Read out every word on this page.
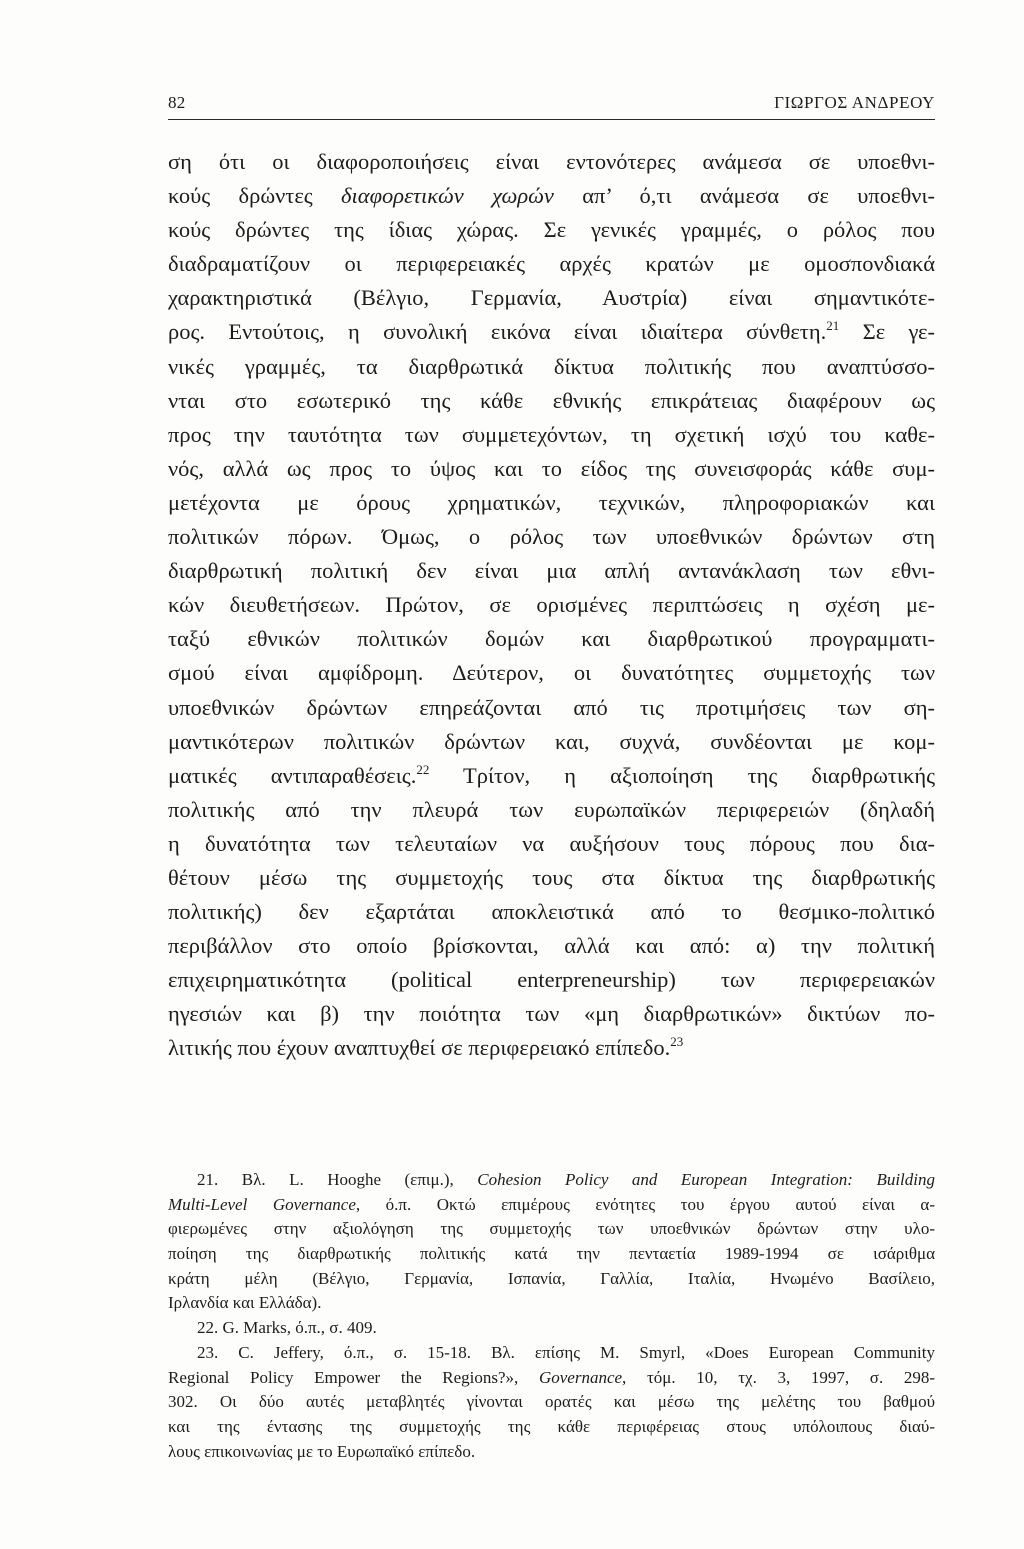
82	ΓΙΩΡΓΟΣ ΑΝΔΡΕΟΥ
ση ότι οι διαφοροποιήσεις είναι εντονότερες ανάμεσα σε υποεθνι-
κούς δρώντες διαφορετικών χωρών απ’ ό,τι ανάμεσα σε υποεθνι-
κούς δρώντες της ίδιας χώρας. Σε γενικές γραμμές, ο ρόλος που
διαδραματίζουν οι περιφερειακές αρχές κρατών με ομοσπονδιακά
χαρακτηριστικά (Βέλγιο, Γερμανία, Αυστρία) είναι σημαντικότε-
ρος. Εντούτοις, η συνολική εικόνα είναι ιδιαίτερα σύνθετη.$^{21}$ Σε γε-
νικές γραμμές, τα διαρθρωτικά δίκτυα πολιτικής που αναπτύσσο-
νται στο εσωτερικό της κάθε εθνικής επικράτειας διαφέρουν ως
προς την ταυτότητα των συμμετεχόντων, τη σχετική ισχύ του καθε-
νός, αλλά ως προς το ύψος και το είδος της συνεισφοράς κάθε συμ-
μετέχοντα με όρους χρηματικών, τεχνικών, πληροφοριακών και
πολιτικών πόρων. Όμως, ο ρόλος των υποεθνικών δρώντων στη
διαρθρωτική πολιτική δεν είναι μια απλή αντανάκλαση των εθνι-
κών διευθετήσεων. Πρώτον, σε ορισμένες περιπτώσεις η σχέση με-
ταξύ εθνικών πολιτικών δομών και διαρθρωτικού προγραμματι-
σμού είναι αμφίδρομη. Δεύτερον, οι δυνατότητες συμμετοχής των
υποεθνικών δρώντων επηρεάζονται από τις προτιμήσεις των ση-
μαντικότερων πολιτικών δρώντων και, συχνά, συνδέονται με κομ-
ματικές αντιπαραθέσεις.$^{22}$ Τρίτον, η αξιοποίηση της διαρθρωτικής
πολιτικής από την πλευρά των ευρωπαϊκών περιφερειών (δηλαδή
η δυνατότητα των τελευταίων να αυξήσουν τους πόρους που δια-
θέτουν μέσω της συμμετοχής τους στα δίκτυα της διαρθρωτικής
πολιτικής) δεν εξαρτάται αποκλειστικά από το θεσμικο-πολιτικό
περιβάλλον στο οποίο βρίσκονται, αλλά και από: α) την πολιτική
επιχειρηματικότητα (political enterpreneurship) των περιφερειακών
ηγεσιών και β) την ποιότητα των «μη διαρθρωτικών» δικτύων πο-
λιτικής που έχουν αναπτυχθεί σε περιφερειακό επίπεδο.$^{23}$
21. Βλ. L. Hooghe (επιμ.), Cohesion Policy and European Integration: Building
Multi-Level Governance, ό.π. Οκτώ επιμέρους ενότητες του έργου αυτού είναι α-
φιερωμένες στην αξιολόγηση της συμμετοχής των υποεθνικών δρώντων στην υλο-
ποίηση της διαρθρωτικής πολιτικής κατά την πενταετία 1989-1994 σε ισάριθμα
κράτη μέλη (Βέλγιο, Γερμανία, Ισπανία, Γαλλία, Ιταλία, Ηνωμένο Βασίλειο,
Ιρλανδία και Ελλάδα).
22. G. Marks, ό.π., σ. 409.
23. C. Jeffery, ό.π., σ. 15-18. Βλ. επίσης M. Smyrl, «Does European Community
Regional Policy Empower the Regions?», Governance, τόμ. 10, τχ. 3, 1997, σ. 298-
302. Οι δύο αυτές μεταβλητές γίνονται ορατές και μέσω της μελέτης του βαθμού
και της έντασης της συμμετοχής της κάθε περιφέρειας στους υπόλοιπους διαύ-
λους επικοινωνίας με το Ευρωπαϊκό επίπεδο.
